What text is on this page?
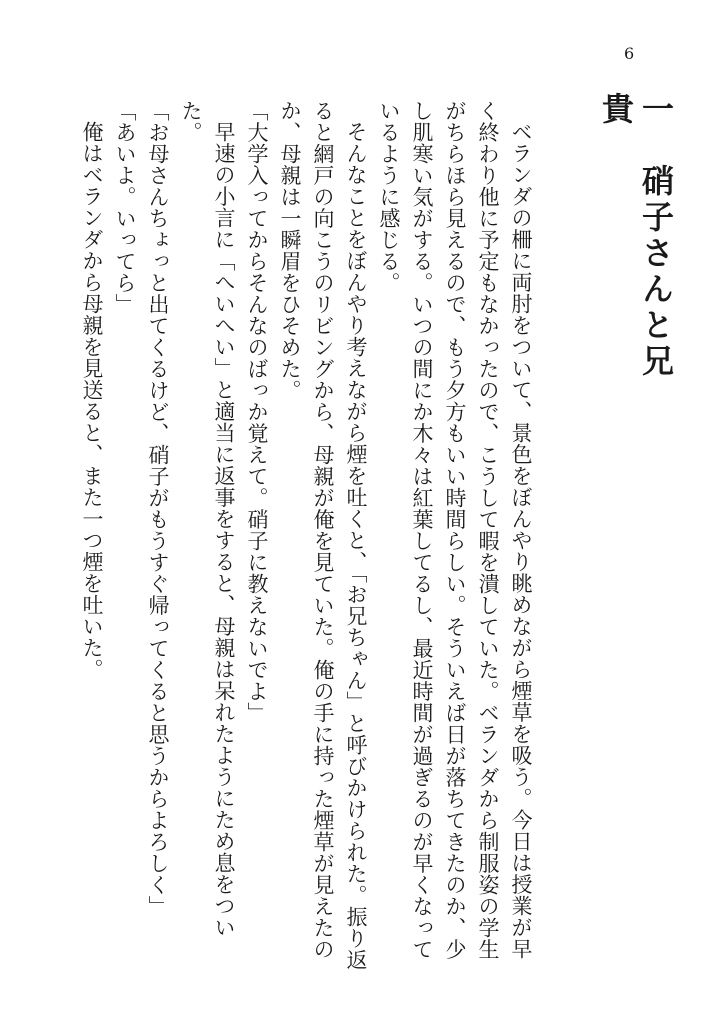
6
一　硝子さんと兄貴

ベランダの柵に両肘をついて、景色をぼんやり眺めながら煙草を吸う。今日は授業が早く終わり他に予定もなかったので、こうして暇を潰していた。ベランダから制服姿の学生がちらほら見えるので、もう夕方もいい時間らしい。そういえば日が落ちてきたのか、少し肌寒い気がする。いつの間にか木々は紅葉してるし、最近時間が過ぎるのが早くなっているように感じる。

そんなことをぼんやり考えながら煙を吐くと、「お兄ちゃん」と呼びかけられた。振り返ると網戸の向こうのリビングから、母親が俺を見ていた。俺の手に持った煙草が見えたのか、母親は一瞬眉をひそめた。

「大学入ってからそんなのばっか覚えて。硝子に教えないでよ」

早速の小言に「へいへい」と適当に返事をすると、母親は呆れたようにため息をついた。

「お母さんちょっと出てくるけど、硝子がもうすぐ帰ってくると思うからよろしく」

「あいよ。いってら」

俺はベランダから母親を見送ると、また一つ煙を吐いた。
